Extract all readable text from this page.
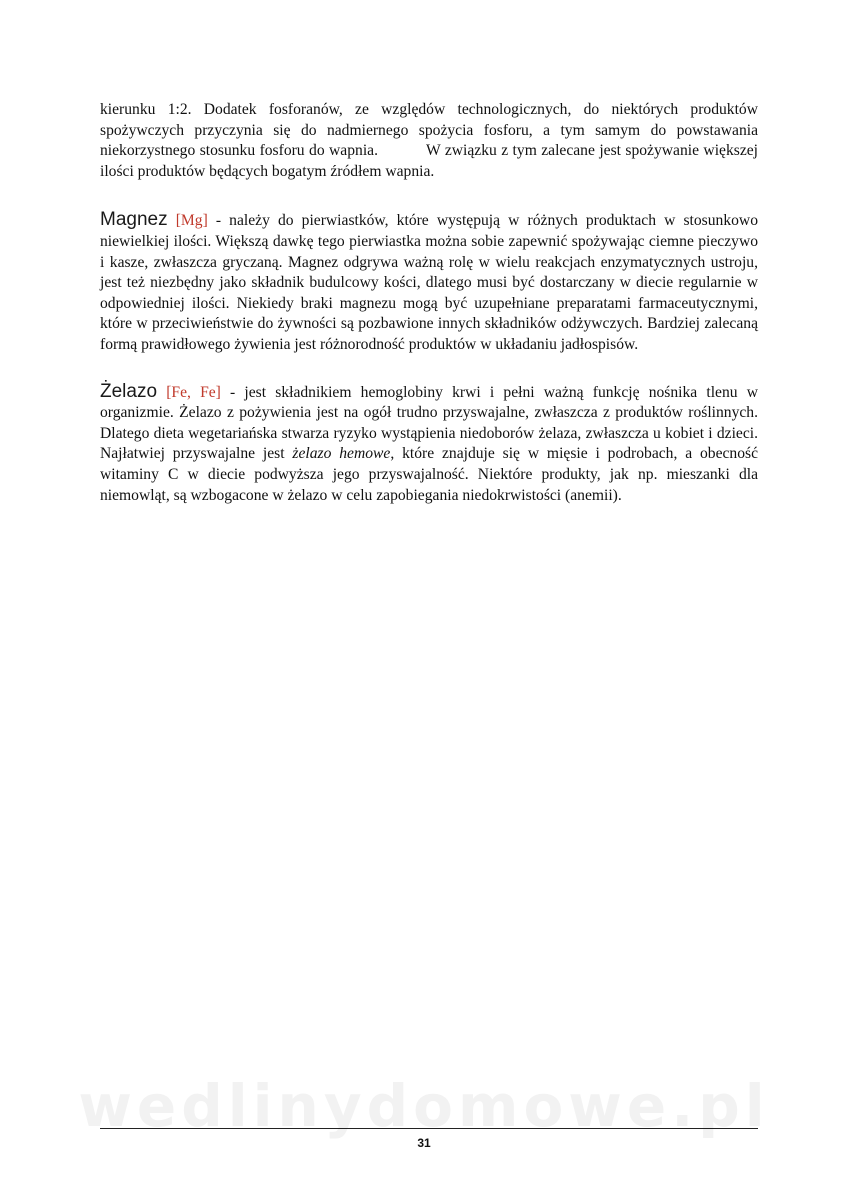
kierunku 1:2. Dodatek fosforanów, ze względów technologicznych, do niektórych produktów spożywczych przyczynia się do nadmiernego spożycia fosforu, a tym samym do powstawania niekorzystnego stosunku fosforu do wapnia.	W związku z tym zalecane jest spożywanie większej ilości produktów będących bogatym źródłem wapnia.

Magnez [Mg] - należy do pierwiastków, które występują w różnych produktach w stosunkowo niewielkiej ilości. Większą dawkę tego pierwiastka można sobie zapewnić spożywając ciemne pieczywo i kasze, zwłaszcza gryczaną. Magnez odgrywa ważną rolę w wielu reakcjach enzymatycznych ustroju, jest też niezbędny jako składnik budulcowy kości, dlatego musi być dostarczany w diecie regularnie w odpowiedniej ilości. Niekiedy braki magnezu mogą być uzupełniane preparatami farmaceutycznymi, które w przeciwieństwie do żywności są pozbawione innych składników odżywczych. Bardziej zalecaną formą prawidłowego żywienia jest różnorodność produktów w układaniu jadłospisów.

Żelazo [Fe, Fe] - jest składnikiem hemoglobiny krwi i pełni ważną funkcję nośnika tlenu w organizmie. Żelazo z pożywienia jest na ogół trudno przyswajalne, zwłaszcza z produktów roślinnych. Dlatego dieta wegetariańska stwarza ryzyko wystąpienia niedoborów żelaza, zwłaszcza u kobiet i dzieci. Najłatwiej przyswajalne jest żelazo hemowe, które znajduje się w mięsie i podrobach, a obecność witaminy C w diecie podwyższa jego przyswajalność. Niektóre produkty, jak np. mieszanki dla niemowląt, są wzbogacone w żelazo w celu zapobiegania niedokrwistości (anemii).

wedlinydomowe.pl
31
